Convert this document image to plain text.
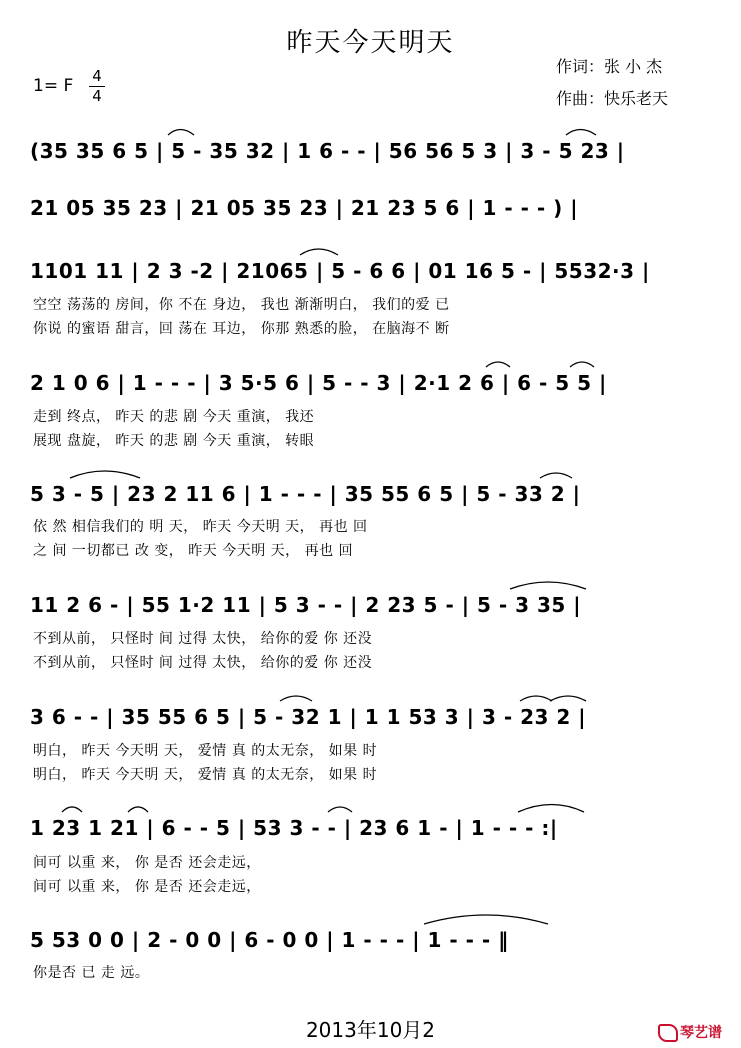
昨天今天明天
作词：张 小 杰
作曲：快乐老天
1= F 4
4
(35 35 6 5 | 5 - 35 32 | 1 6 - - | 56 56 5 3 | 3 - 5 23 |
21 05 35 23 | 21 05 35 23 | 21 23 5 6 | 1 - - - ) |
1101 11 | 2 3 -2 | 21065 | 5 - 6 6 | 01 16 5 - | 5532·3 |
空空 荡荡的 房间，你 不在 身边， 我也 渐渐明白， 我们的爱 已
你说 的蜜语 甜言，回 荡在 耳边， 你那 熟悉的脸， 在脑海不 断
2 1 0 6 | 1 - - - | 3 5·5 6 | 5 - - 3 | 2·1 2 6 | 6 - 5 5 |
走到 终点， 昨天 的悲 剧 今天 重演， 我还
展现 盘旋， 昨天 的悲 剧 今天 重演， 转眼
5 3 - 5 | 23 2 11 6 | 1 - - - | 35 55 6 5 | 5 - 33 2 |
依 然 相信我们的 明 天， 昨天 今天明 天， 再也 回
之 间 一切都已 改 变， 昨天 今天明 天， 再也 回
11 2 6 - | 55 1·2 11 | 5 3 - - | 2 23 5 - | 5 - 3 35 |
不到从前， 只怪时 间 过得 太快， 给你的爱 你 还没
不到从前， 只怪时 间 过得 太快， 给你的爱 你 还没
3 6 - - | 35 55 6 5 | 5 - 32 1 | 1 1 53 3 | 3 - 23 2 |
明白， 昨天 今天明 天， 爱情 真 的太无奈， 如果 时
明白， 昨天 今天明 天， 爱情 真 的太无奈， 如果 时
1 23 1 21 | 6 - - 5 | 53 3 - - | 23 6 1 - | 1 - - - :|
间可 以重 来， 你 是否 还会走远，
间可 以重 来， 你 是否 还会走远，
5 53 0 0 | 2 - 0 0 | 6 - 0 0 | 1 - - - | 1 - - - ‖
你是否 已 走 远。
2013年10月2	琴艺谱
